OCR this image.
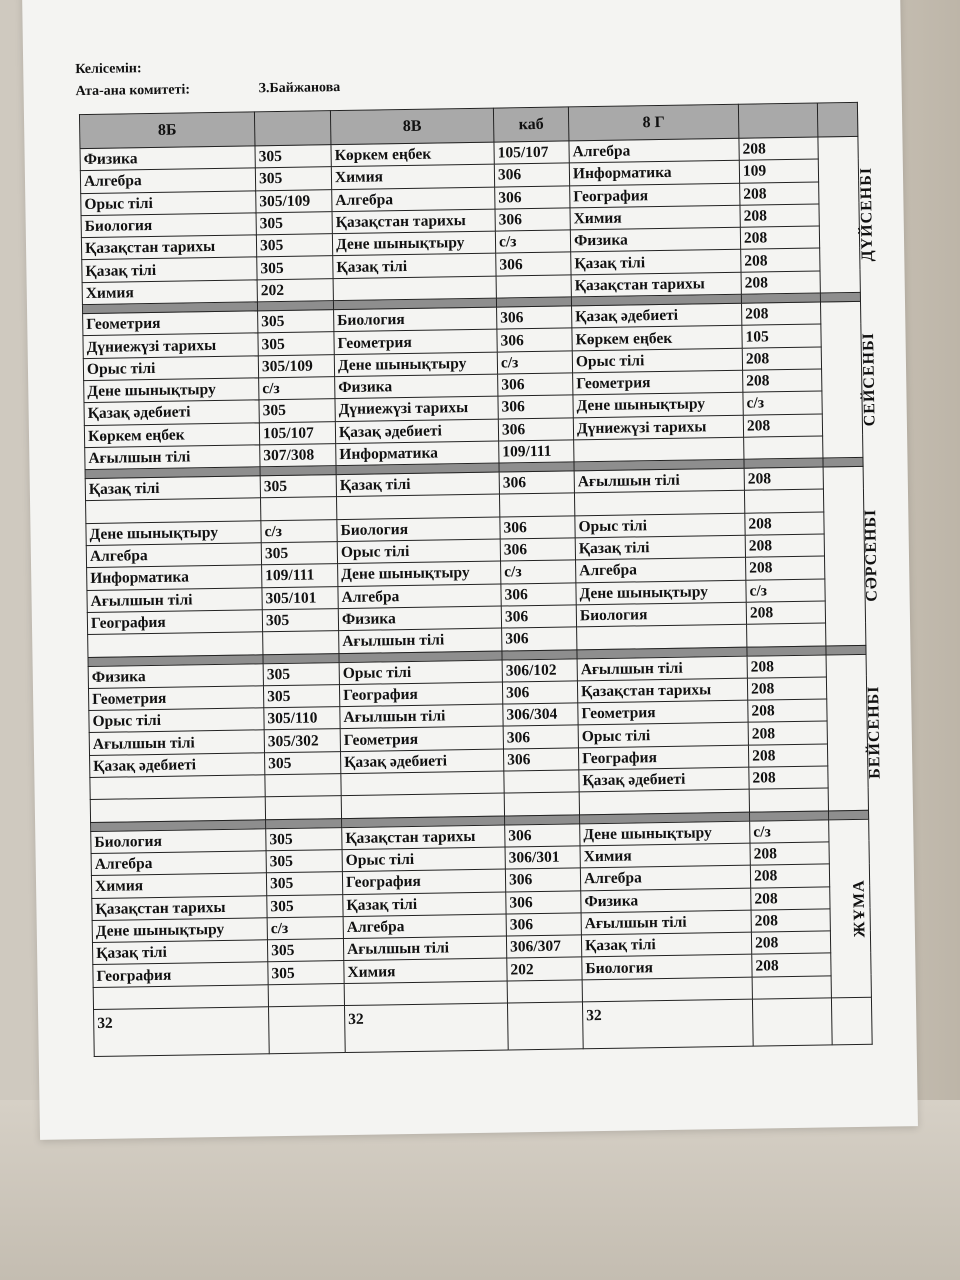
Келісемін:
Ата-ана комитеті:	З.Байжанова
8Б		8В	каб	8 Г		
Физика	305	Көркем еңбек	105/107	Алгебра	208	ДҮЙСЕНБІ
Алгебра	305	Химия	306	Информатика	109	
Орыс тілі	305/109	Алгебра	306	География	208	
Биология	305	Қазақстан тарихы	306	Химия	208	
Қазақстан тарихы	305	Дене шынықтыру	с/з	Физика	208	
Қазақ тілі	305	Қазақ тілі	306	Қазақ тілі	208	
Химия	202			Қазақстан тарихы	208	

Геометрия	305	Биология	306	Қазақ әдебиеті	208	СЕЙСЕНБІ
Дүниежүзі тарихы	305	Геометрия	306	Көркем еңбек	105	
Орыс тілі	305/109	Дене шынықтыру	с/з	Орыс тілі	208	
Дене шынықтыру	с/з	Физика	306	Геометрия	208	
Қазақ әдебиеті	305	Дүниежүзі тарихы	306	Дене шынықтыру	с/з	
Көркем еңбек	105/107	Қазақ әдебиеті	306	Дүниежүзі тарихы	208	
Ағылшын тілі	307/308	Информатика	109/111			

Қазақ тілі	305	Қазақ тілі	306	Ағылшын тілі	208	СӘРСЕНБІ

Дене шынықтыру	с/з	Биология	306	Орыс тілі	208	
Алгебра	305	Орыс тілі	306	Қазақ тілі	208	
Информатика	109/111	Дене шынықтыру	с/з	Алгебра	208	
Ағылшын тілі	305/101	Алгебра	306	Дене шынықтыру	с/з	
География	305	Физика	306	Биология	208	
		Ағылшын тілі	306			

Физика	305	Орыс тілі	306/102	Ағылшын тілі	208	БЕЙСЕНБІ
Геометрия	305	География	306	Қазақстан тарихы	208	
Орыс тілі	305/110	Ағылшын тілі	306/304	Геометрия	208	
Ағылшын тілі	305/302	Геометрия	306	Орыс тілі	208	
Қазақ әдебиеті	305	Қазақ әдебиеті	306	География	208	
				Қазақ әдебиеті	208	

Биология	305	Қазақстан тарихы	306	Дене шынықтыру	с/з	ЖҰМА
Алгебра	305	Орыс тілі	306/301	Химия	208	
Химия	305	География	306	Алгебра	208	
Қазақстан тарихы	305	Қазақ тілі	306	Физика	208	
Дене шынықтыру	с/з	Алгебра	306	Ағылшын тілі	208	
Қазақ тілі	305	Ағылшын тілі	306/307	Қазақ тілі	208	
География	305	Химия	202	Биология	208	

32		32		32		
